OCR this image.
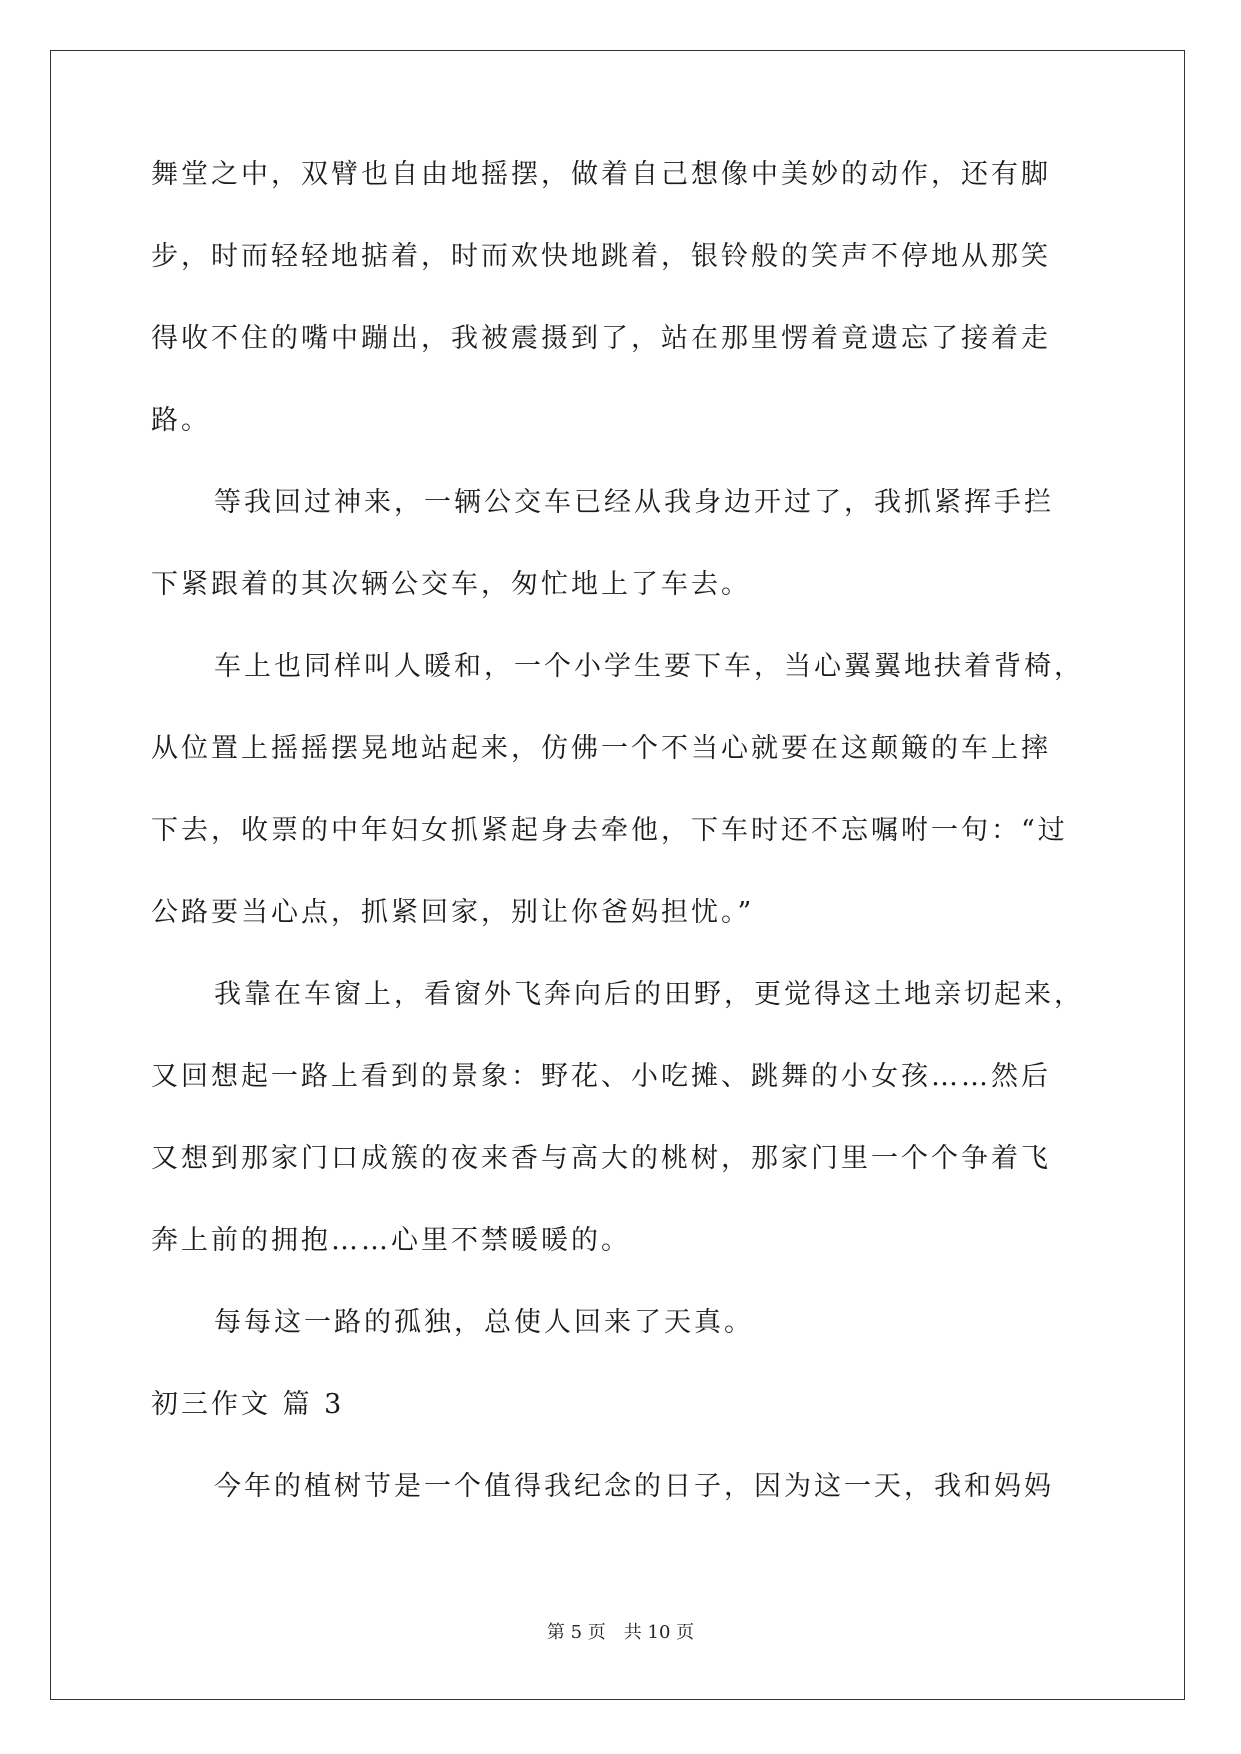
舞堂之中，双臂也自由地摇摆，做着自己想像中美妙的动作，还有脚
步，时而轻轻地掂着，时而欢快地跳着，银铃般的笑声不停地从那笑
得收不住的嘴中蹦出，我被震摄到了，站在那里愣着竟遗忘了接着走
路。
等我回过神来，一辆公交车已经从我身边开过了，我抓紧挥手拦
下紧跟着的其次辆公交车，匆忙地上了车去。
车上也同样叫人暖和，一个小学生要下车，当心翼翼地扶着背椅，
从位置上摇摇摆晃地站起来，仿佛一个不当心就要在这颠簸的车上摔
下去，收票的中年妇女抓紧起身去牵他，下车时还不忘嘱咐一句：“过
公路要当心点，抓紧回家，别让你爸妈担忧。”
我靠在车窗上，看窗外飞奔向后的田野，更觉得这土地亲切起来，
又回想起一路上看到的景象：野花、小吃摊、跳舞的小女孩……然后
又想到那家门口成簇的夜来香与高大的桃树，那家门里一个个争着飞
奔上前的拥抱……心里不禁暖暖的。
每每这一路的孤独，总使人回来了天真。
初三作文 篇 3
今年的植树节是一个值得我纪念的日子，因为这一天，我和妈妈
第 5 页 共 10 页
